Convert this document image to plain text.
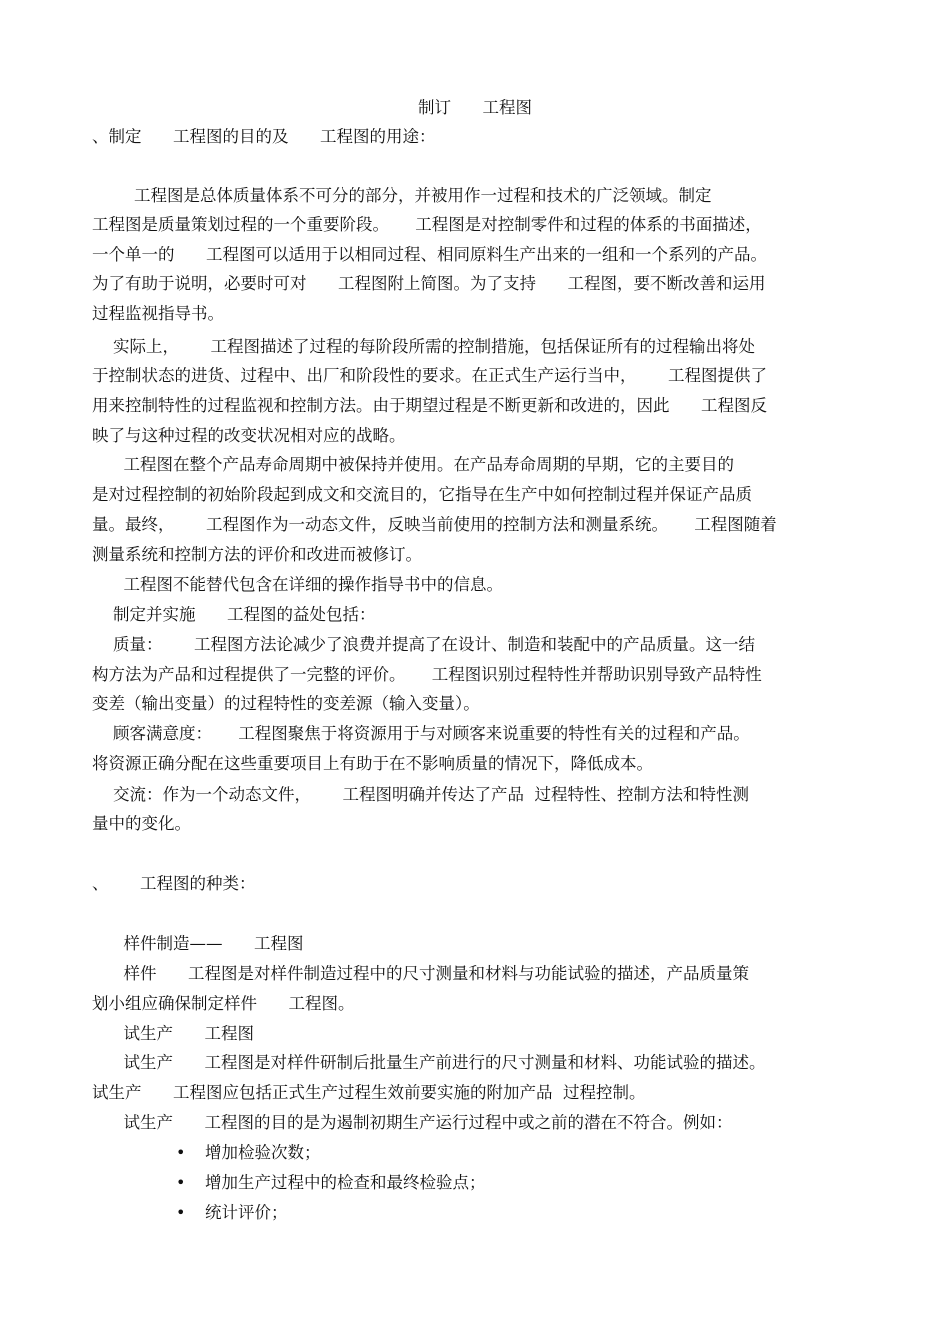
制订      工程图
、制定      工程图的目的及      工程图的用途：
工程图是总体质量体系不可分的部分，并被用作一过程和技术的广泛领域。制定
工程图是质量策划过程的一个重要阶段。     工程图是对控制零件和过程的体系的书面描述，
一个单一的      工程图可以适用于以相同过程、相同原料生产出来的一组和一个系列的产品。
为了有助于说明，必要时可对      工程图附上简图。为了支持      工程图，要不断改善和运用
过程监视指导书。
实际上，      工程图描述了过程的每阶段所需的控制措施，包括保证所有的过程输出将处
于控制状态的进货、过程中、出厂和阶段性的要求。在正式生产运行当中，      工程图提供了
用来控制特性的过程监视和控制方法。由于期望过程是不断更新和改进的，因此      工程图反
映了与这种过程的改变状况相对应的战略。
工程图在整个产品寿命周期中被保持并使用。在产品寿命周期的早期，它的主要目的
是对过程控制的初始阶段起到成文和交流目的，它指导在生产中如何控制过程并保证产品质
量。最终，      工程图作为一动态文件，反映当前使用的控制方法和测量系统。     工程图随着
测量系统和控制方法的评价和改进而被修订。
工程图不能替代包含在详细的操作指导书中的信息。
制定并实施      工程图的益处包括：
质量：      工程图方法论减少了浪费并提高了在设计、制造和装配中的产品质量。这一结
构方法为产品和过程提供了一完整的评价。     工程图识别过程特性并帮助识别导致产品特性
变差（输出变量）的过程特性的变差源（输入变量）。
顾客满意度：     工程图聚焦于将资源用于与对顾客来说重要的特性有关的过程和产品。
将资源正确分配在这些重要项目上有助于在不影响质量的情况下，降低成本。
交流：作为一个动态文件，      工程图明确并传达了产品  过程特性、控制方法和特性测
量中的变化。
、      工程图的种类：
样件制造——      工程图
样件      工程图是对样件制造过程中的尺寸测量和材料与功能试验的描述，产品质量策
划小组应确保制定样件      工程图。
试生产      工程图
试生产      工程图是对样件研制后批量生产前进行的尺寸测量和材料、功能试验的描述。
试生产      工程图应包括正式生产过程生效前要实施的附加产品  过程控制。
试生产      工程图的目的是为遏制初期生产运行过程中或之前的潜在不符合。例如：
• 增加检验次数；
• 增加生产过程中的检查和最终检验点；
• 统计评价；
